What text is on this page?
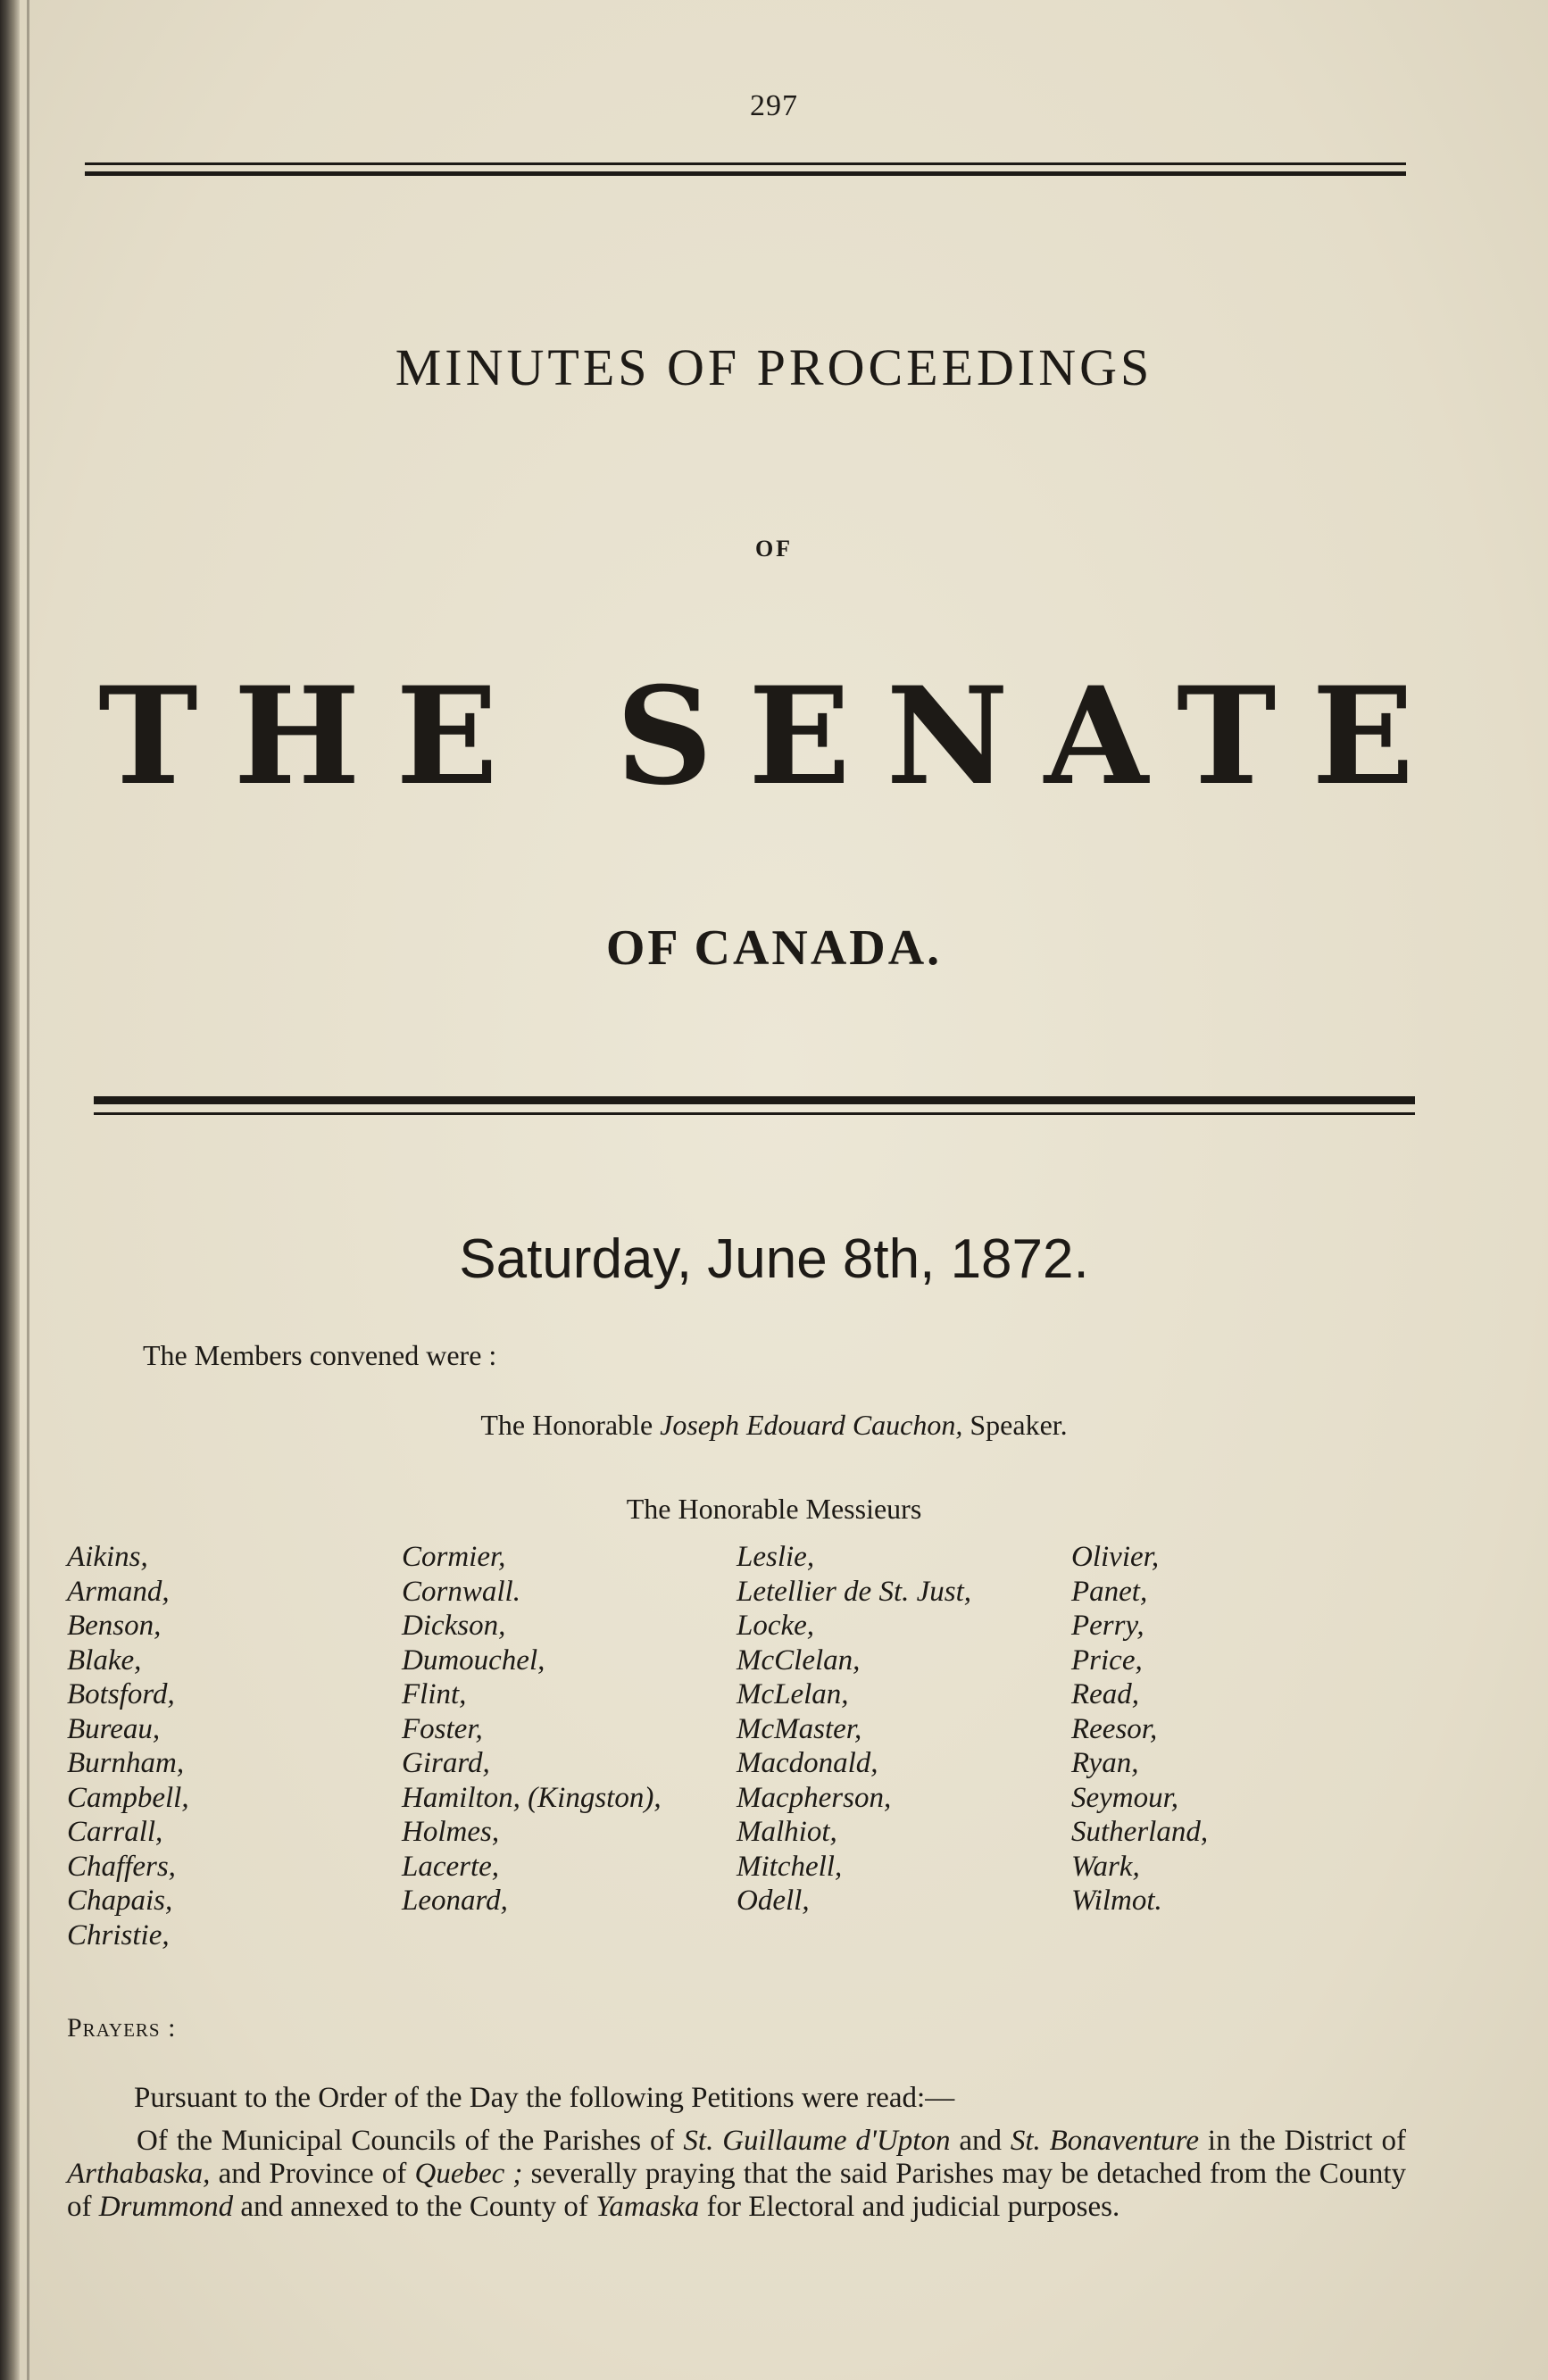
297
MINUTES OF PROCEEDINGS
OF
THE SENATE
OF CANADA.
Saturday, June 8th, 1872.
The Members convened were :
The Honorable Joseph Edouard Cauchon, Speaker.
The Honorable Messieurs
Aikins,
Armand,
Benson,
Blake,
Botsford,
Bureau,
Burnham,
Campbell,
Carrall,
Chaffers,
Chapais,
Christie,
Cormier,
Cornwall.
Dickson,
Dumouchel,
Flint,
Foster,
Girard,
Hamilton, (Kingston),
Holmes,
Lacerte,
Leonard,
Leslie,
Letellier de St. Just,
Locke,
McClelan,
McLelan,
McMaster,
Macdonald,
Macpherson,
Malhiot,
Mitchell,
Odell,
Olivier,
Panet,
Perry,
Price,
Read,
Reesor,
Ryan,
Seymour,
Sutherland,
Wark,
Wilmot.
Prayers :
Pursuant to the Order of the Day the following Petitions were read:—
Of the Municipal Councils of the Parishes of St. Guillaume d'Upton and St. Bonaventure in the District of Arthabaska, and Province of Quebec ; severally praying that the said Parishes may be detached from the County of Drummond and annexed to the County of Yamaska for Electoral and judicial purposes.
